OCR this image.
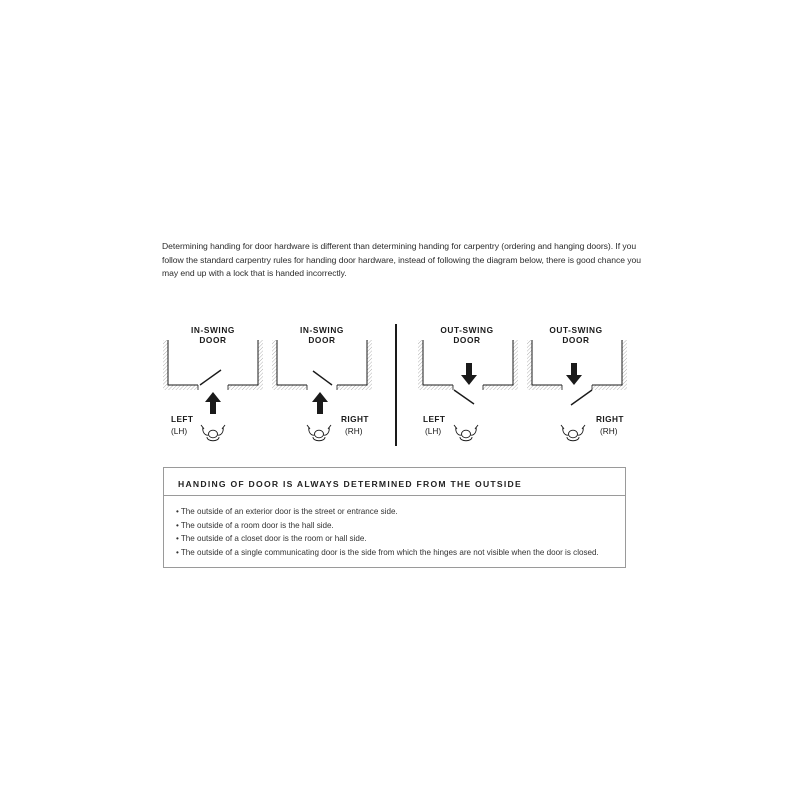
Determining handing for door hardware is different than determining handing for carpentry (ordering and hanging doors). If you follow the standard carpentry rules for handing door hardware, instead of following the diagram below, there is good chance you may end up with a lock that is handed incorrectly.

IN-SWING
DOOR
LEFT
(LH)
IN-SWING
DOOR
RIGHT
(RH)
OUT-SWING
DOOR
LEFT
(LH)
OUT-SWING
DOOR
RIGHT
(RH)

HANDING OF DOOR IS ALWAYS DETERMINED FROM THE OUTSIDE

• The outside of an exterior door is the street or entrance side.
• The outside of a room door is the hall side.
• The outside of a closet door is the room or hall side.
• The outside of a single communicating door is the side from which the hinges are not visible when the door is closed.
